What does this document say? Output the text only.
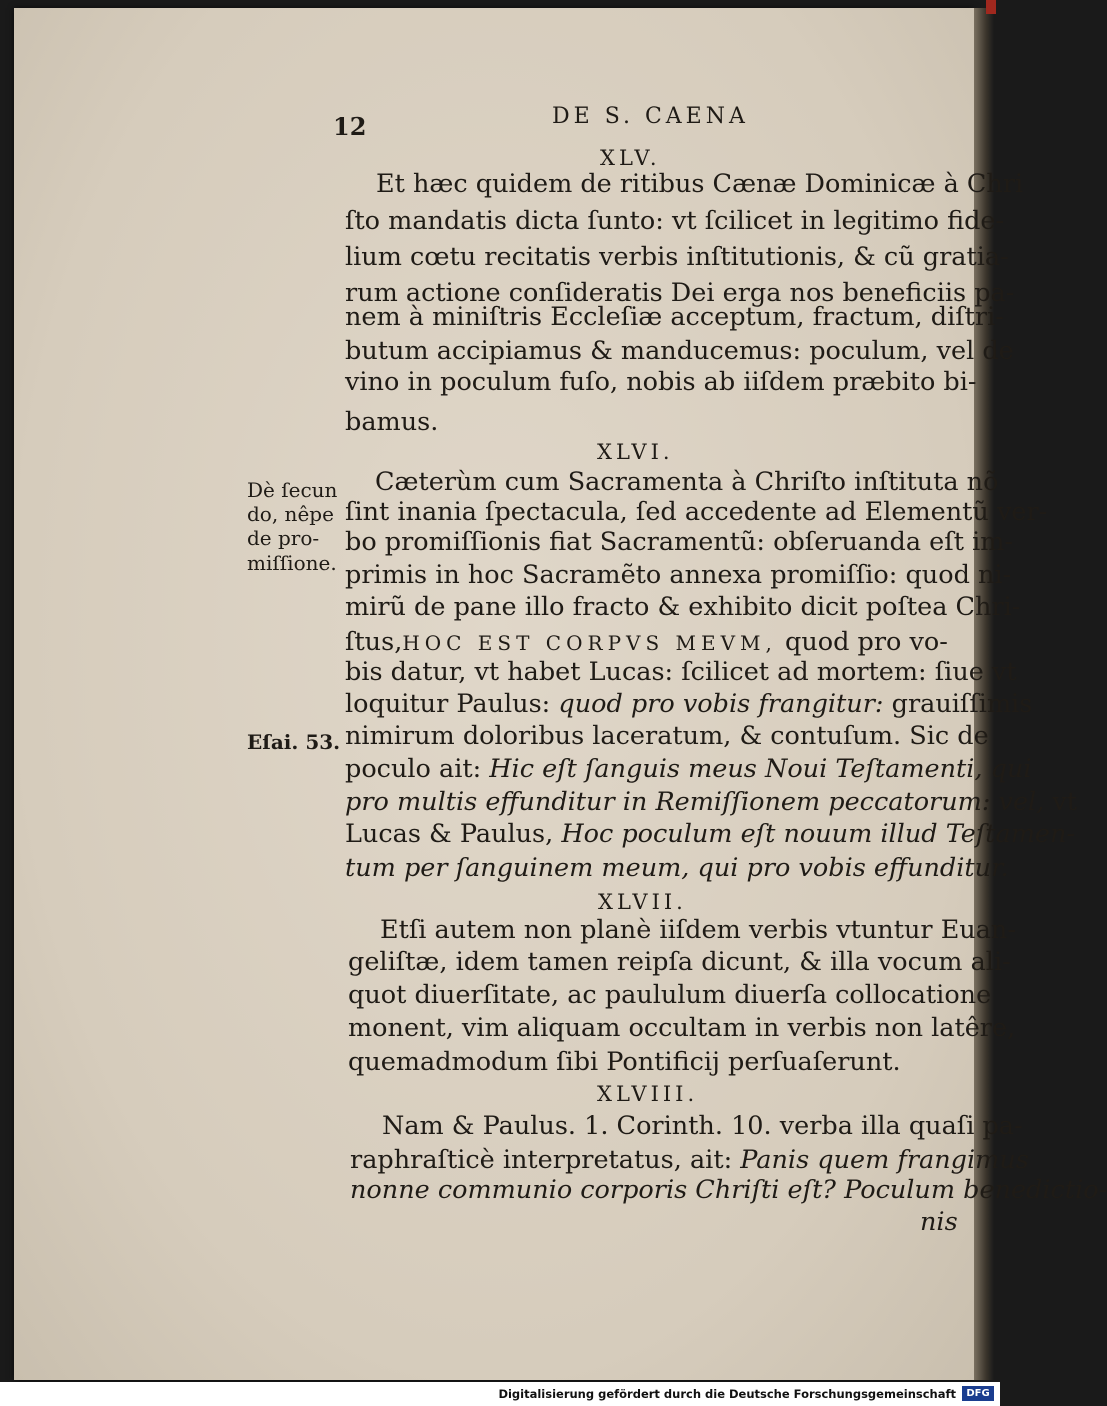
12	DE S. CAENA
XLV.
Et hæc quidem de ritibus Cænæ Dominicæ à Chri
ſto mandatis dicta ſunto: vt ſcilicet in legitimo fide-
lium cœtu recitatis verbis inſtitutionis, & cũ gratia-
rum actione conſideratis Dei erga nos beneficiis pa-
nem à miniſtris Eccleſiæ acceptum, fractum, diſtri-
butum accipiamus & manducemus: poculum, vel de
vino in poculum fuſo, nobis ab iiſdem præbito bi-
bamus.
XLVI.
Cæterùm cum Sacramenta à Chriſto inſtituta nõ
ſint inania ſpectacula, ſed accedente ad Elementũ ver-
bo promiſſionis fiat Sacramentũ: obſeruanda eſt im-
primis in hoc Sacramẽto annexa promiſſio: quod ni-
mirũ de pane illo fracto & exhibito dicit poſtea Chri-
ſtus,HOC EST CORPVS MEVM, quod pro vo-
bis datur, vt habet Lucas: ſcilicet ad mortem: ſiue vt
loquitur Paulus: quod pro vobis frangitur: grauiſſimis
nimirum doloribus laceratum, & contuſum. Sic de
poculo ait: Hic eſt ſanguis meus Noui Teſtamenti, qui
pro multis effunditur in Remiſſionem peccatorum: vel, vt
Lucas & Paulus, Hoc poculum eſt nouum illud Teſtamen-
tum per ſanguinem meum, qui pro vobis effunditur.
XLVII.
Etſi autem non planè iiſdem verbis vtuntur Euan-
geliſtæ, idem tamen reipſa dicunt, & illa vocum ali-
quot diuerſitate, ac paululum diuerſa collocatione
monent, vim aliquam occultam in verbis non latêre,
quemadmodum ſibi Pontificij perſuaſerunt.
XLVIII.
Nam & Paulus. 1. Corinth. 10. verba illa quaſi pa-
raphraſticè interpretatus, ait: Panis quem frangimus
nonne communio corporis Chriſti eſt? Poculum benedictio-
nis
Dè ſecun
do, nêpe
de pro-
miſſione.
Eſai. 53.
Digitalisierung gefördert durch die Deutsche Forschungsgemeinschaft	DFG
